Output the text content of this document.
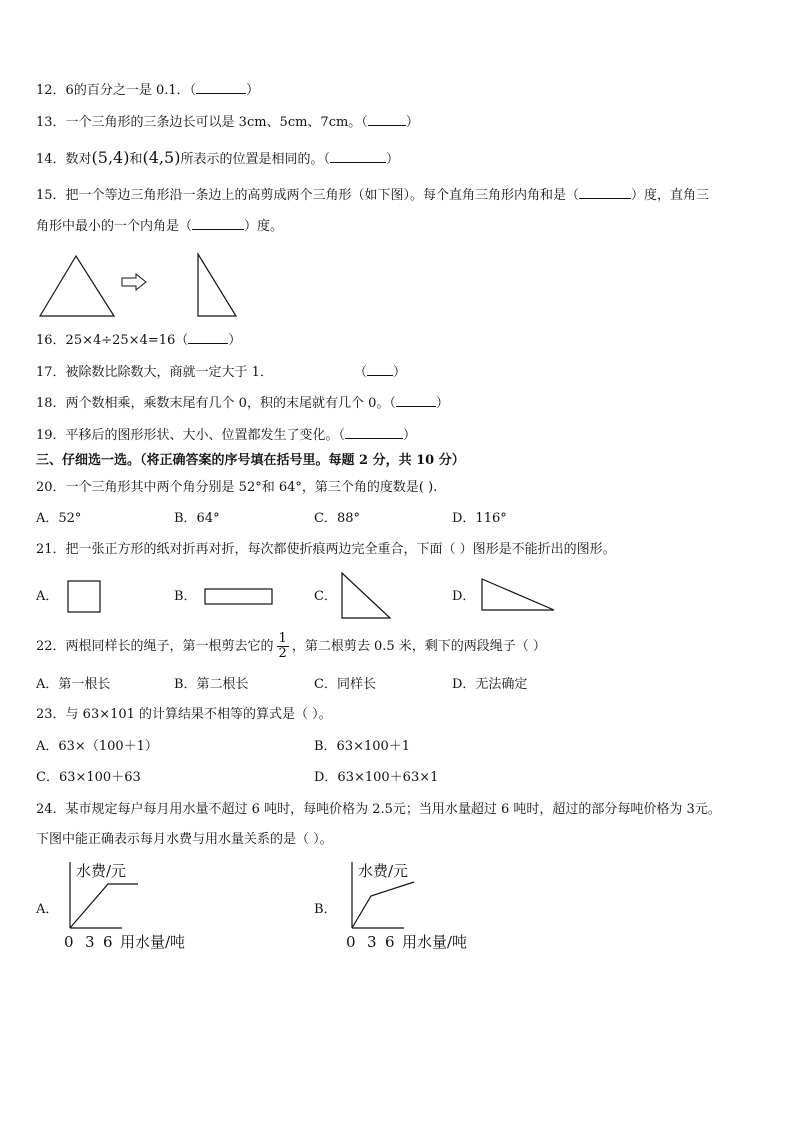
12．6的百分之一是 0.1．（	）
13．一个三角形的三条边长可以是 3cm、5cm、7cm。（	）
14．数对(5,4)和(4,5)所表示的位置是相同的。（	）
15．把一个等边三角形沿一条边上的高剪成两个三角形（如下图）。每个直角三角形内角和是（	）度，直角三
角形中最小的一个内角是（	）度。
16．25×4÷25×4=16（	）
17．被除数比除数大，商就一定大于 1．	（ ）
18．两个数相乘，乘数末尾有几个 0，积的末尾就有几个 0。（	）
19．平移后的图形形状、大小、位置都发生了变化。（	）
三、仔细选一选。（将正确答案的序号填在括号里。每题 2 分，共 10 分）
20．一个三角形其中两个角分别是 52°和 64°，第三个角的度数是( ).
A．52°	B．64°	C．88°	D．116°
21．把一张正方形的纸对折再对折，每次都使折痕两边完全重合，下面（ ）图形是不能折出的图形。
A．	B．	C．	D．
22．两根同样长的绳子，第一根剪去它的 $\frac{1}{2}$ ，第二根剪去 0.5 米，剩下的两段绳子（ ）
A．第一根长	B．第二根长	C．同样长	D．无法确定
23．与 63×101 的计算结果不相等的算式是（ ）。
A．63×（100＋1）	B．63×100＋1
C．63×100＋63	D．63×100＋63×1
24．某市规定每户每月用水量不超过 6 吨时，每吨价格为 2.5元；当用水量超过 6 吨时，超过的部分每吨价格为 3元。
下图中能正确表示每月水费与用水量关系的是（ ）。
A．
水费/元
0 3 6 用水量/吨
B．
水费/元
0 3 6 用水量/吨
